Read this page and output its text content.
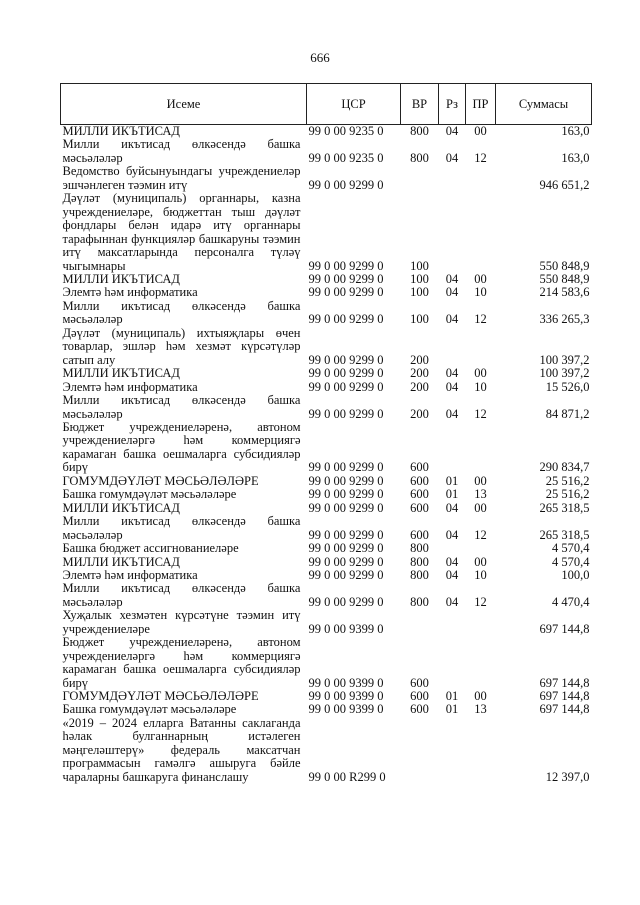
666
Исеме	ЦСР	ВР	Рз	ПР	Суммасы
МИЛЛИ ИКЪТИСАД	99 0 00 9235 0	800	04	00	163,0
Милли икътисад өлкәсендә башка мәсьәләләр	99 0 00 9235 0	800	04	12	163,0
Ведомство буйсынуындагы учреждениеләр эшчәнлеген тәэмин итү	99 0 00 9299 0				946 651,2
Дәүләт (муниципаль) органнары, казна учреждениеләре, бюджеттан тыш дәүләт фондлары белән идарә итү органнары тарафыннан функцияләр башкаруны тәэмин итү максатларында персоналга түләү чыгымнары	99 0 00 9299 0	100			550 848,9
МИЛЛИ ИКЪТИСАД	99 0 00 9299 0	100	04	00	550 848,9
Элемтә һәм информатика	99 0 00 9299 0	100	04	10	214 583,6
Милли икътисад өлкәсендә башка мәсьәләләр	99 0 00 9299 0	100	04	12	336 265,3
Дәүләт (муниципаль) ихтыяҗлары өчен товарлар, эшләр һәм хезмәт күрсәтүләр сатып алу	99 0 00 9299 0	200			100 397,2
МИЛЛИ ИКЪТИСАД	99 0 00 9299 0	200	04	00	100 397,2
Элемтә һәм информатика	99 0 00 9299 0	200	04	10	15 526,0
Милли икътисад өлкәсендә башка мәсьәләләр	99 0 00 9299 0	200	04	12	84 871,2
Бюджет учреждениеләренә, автоном учреждениеләргә һәм коммерциягә карамаган башка оешмаларга субсидияләр бирү	99 0 00 9299 0	600			290 834,7
ГОМУМДӘҮЛӘТ МӘСЬӘЛӘЛӘРЕ	99 0 00 9299 0	600	01	00	25 516,2
Башка гомумдәүләт мәсьәләләре	99 0 00 9299 0	600	01	13	25 516,2
МИЛЛИ ИКЪТИСАД	99 0 00 9299 0	600	04	00	265 318,5
Милли икътисад өлкәсендә башка мәсьәләләр	99 0 00 9299 0	600	04	12	265 318,5
Башка бюджет ассигнованиеләре	99 0 00 9299 0	800			4 570,4
МИЛЛИ ИКЪТИСАД	99 0 00 9299 0	800	04	00	4 570,4
Элемтә һәм информатика	99 0 00 9299 0	800	04	10	100,0
Милли икътисад өлкәсендә башка мәсьәләләр	99 0 00 9299 0	800	04	12	4 470,4
Хуҗалык хезмәтен күрсәтүне тәэмин итү учреждениеләре	99 0 00 9399 0				697 144,8
Бюджет учреждениеләренә, автоном учреждениеләргә һәм коммерциягә карамаган башка оешмаларга субсидияләр бирү	99 0 00 9399 0	600			697 144,8
ГОМУМДӘҮЛӘТ МӘСЬӘЛӘЛӘРЕ	99 0 00 9399 0	600	01	00	697 144,8
Башка гомумдәүләт мәсьәләләре	99 0 00 9399 0	600	01	13	697 144,8
«2019 – 2024 елларга Ватанны саклаганда һәлак булганнарның истәлеген мәңгеләштерү» федераль максатчан программасын гамәлгә ашыруга бәйле чараларны башкаруга финанслашу	99 0 00 R299 0				12 397,0
